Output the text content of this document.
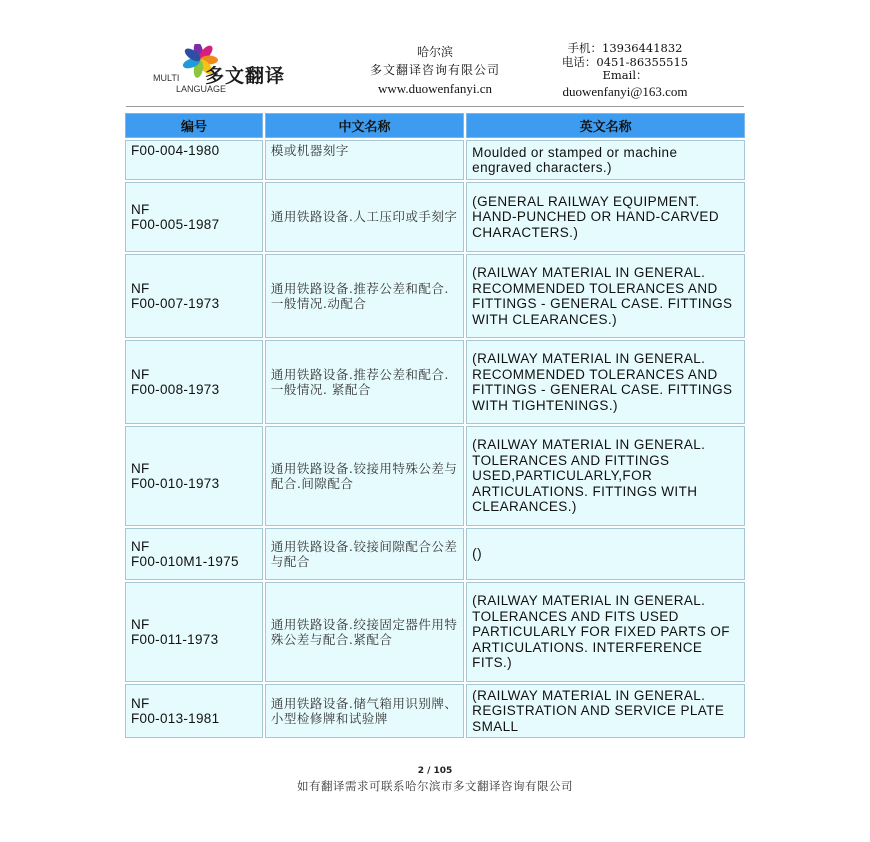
多文翻译
MULTI
LANGUAGE
哈尔滨
多文翻译咨询有限公司
www.duowenfanyi.cn
手机：13936441832
电话：0451-86355515
Email：
duowenfanyi@163.com
编号	中文名称	英文名称
F00-004-1980	模或机器刻字	Moulded or stamped or machine engraved characters.)
NF
F00-005-1987	通用铁路设备.人工压印或手刻字	(GENERAL RAILWAY EQUIPMENT. HAND-PUNCHED OR HAND-CARVED CHARACTERS.)
NF
F00-007-1973	通用铁路设备.推荐公差和配合. 一般情况.动配合	(RAILWAY MATERIAL IN GENERAL. RECOMMENDED TOLERANCES AND FITTINGS - GENERAL CASE. FITTINGS WITH CLEARANCES.)
NF
F00-008-1973	通用铁路设备.推荐公差和配合. 一般情况. 紧配合	(RAILWAY MATERIAL IN GENERAL. RECOMMENDED TOLERANCES AND FITTINGS - GENERAL CASE. FITTINGS WITH TIGHTENINGS.)
NF
F00-010-1973	通用铁路设备.铰接用特殊公差与配合.间隙配合	(RAILWAY MATERIAL IN GENERAL. TOLERANCES AND FITTINGS USED,PARTICULARLY,FOR ARTICULATIONS. FITTINGS WITH CLEARANCES.)
NF
F00-010M1-1975	通用铁路设备.铰接间隙配合公差与配合	()
NF
F00-011-1973	通用铁路设备.绞接固定器件用特殊公差与配合.紧配合	(RAILWAY MATERIAL IN GENERAL. TOLERANCES AND FITS USED PARTICULARLY FOR FIXED PARTS OF ARTICULATIONS. INTERFERENCE FITS.)
NF
F00-013-1981	通用铁路设备.储气箱用识别牌、小型检修牌和试验牌	(RAILWAY MATERIAL IN GENERAL. REGISTRATION AND SERVICE PLATE SMALL
2 / 105
如有翻译需求可联系哈尔滨市多文翻译咨询有限公司
